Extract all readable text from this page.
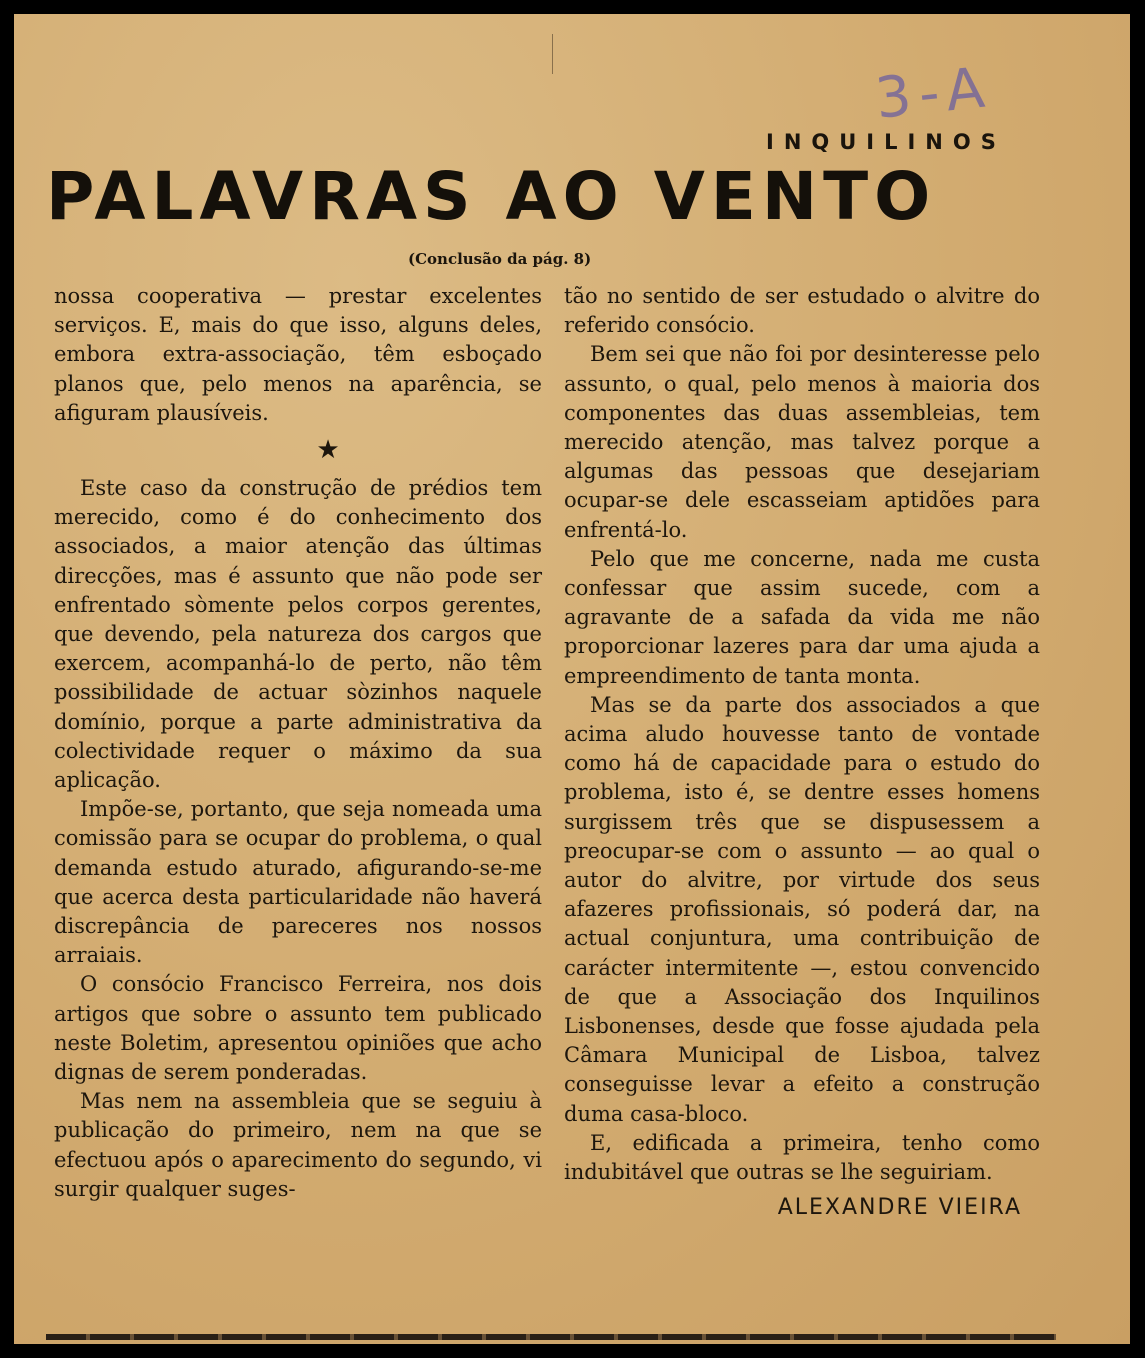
3-A
INQUILINOS
PALAVRAS AO VENTO
(Conclusão da pág. 8)

nossa cooperativa — prestar excelentes serviços. E, mais do que isso, alguns deles, embora extra-associação, têm esboçado planos que, pelo menos na aparência, se afiguram plausíveis.

★

Este caso da construção de prédios tem merecido, como é do conhecimento dos associados, a maior atenção das últimas direcções, mas é assunto que não pode ser enfrentado sòmente pelos corpos gerentes, que devendo, pela natureza dos cargos que exercem, acompanhá-lo de perto, não têm possibilidade de actuar sòzinhos naquele domínio, porque a parte administrativa da colectividade requer o máximo da sua aplicação.

Impõe-se, portanto, que seja nomeada uma comissão para se ocupar do problema, o qual demanda estudo aturado, afigurando-se-me que acerca desta particularidade não haverá discrepância de pareceres nos nossos arraiais.

O consócio Francisco Ferreira, nos dois artigos que sobre o assunto tem publicado neste Boletim, apresentou opiniões que acho dignas de serem ponderadas.

Mas nem na assembleia que se seguiu à publicação do primeiro, nem na que se efectuou após o aparecimento do segundo, vi surgir qualquer suges-

tão no sentido de ser estudado o alvitre do referido consócio.

Bem sei que não foi por desinteresse pelo assunto, o qual, pelo menos à maioria dos componentes das duas assembleias, tem merecido atenção, mas talvez porque a algumas das pessoas que desejariam ocupar-se dele escasseiam aptidões para enfrentá-lo.

Pelo que me concerne, nada me custa confessar que assim sucede, com a agravante de a safada da vida me não proporcionar lazeres para dar uma ajuda a empreendimento de tanta monta.

Mas se da parte dos associados a que acima aludo houvesse tanto de vontade como há de capacidade para o estudo do problema, isto é, se dentre esses homens surgissem três que se dispusessem a preocupar-se com o assunto — ao qual o autor do alvitre, por virtude dos seus afazeres profissionais, só poderá dar, na actual conjuntura, uma contribuição de carácter intermitente —, estou convencido de que a Associação dos Inquilinos Lisbonenses, desde que fosse ajudada pela Câmara Municipal de Lisboa, talvez conseguisse levar a efeito a construção duma casa-bloco.

E, edificada a primeira, tenho como indubitável que outras se lhe seguiriam.

ALEXANDRE VIEIRA
